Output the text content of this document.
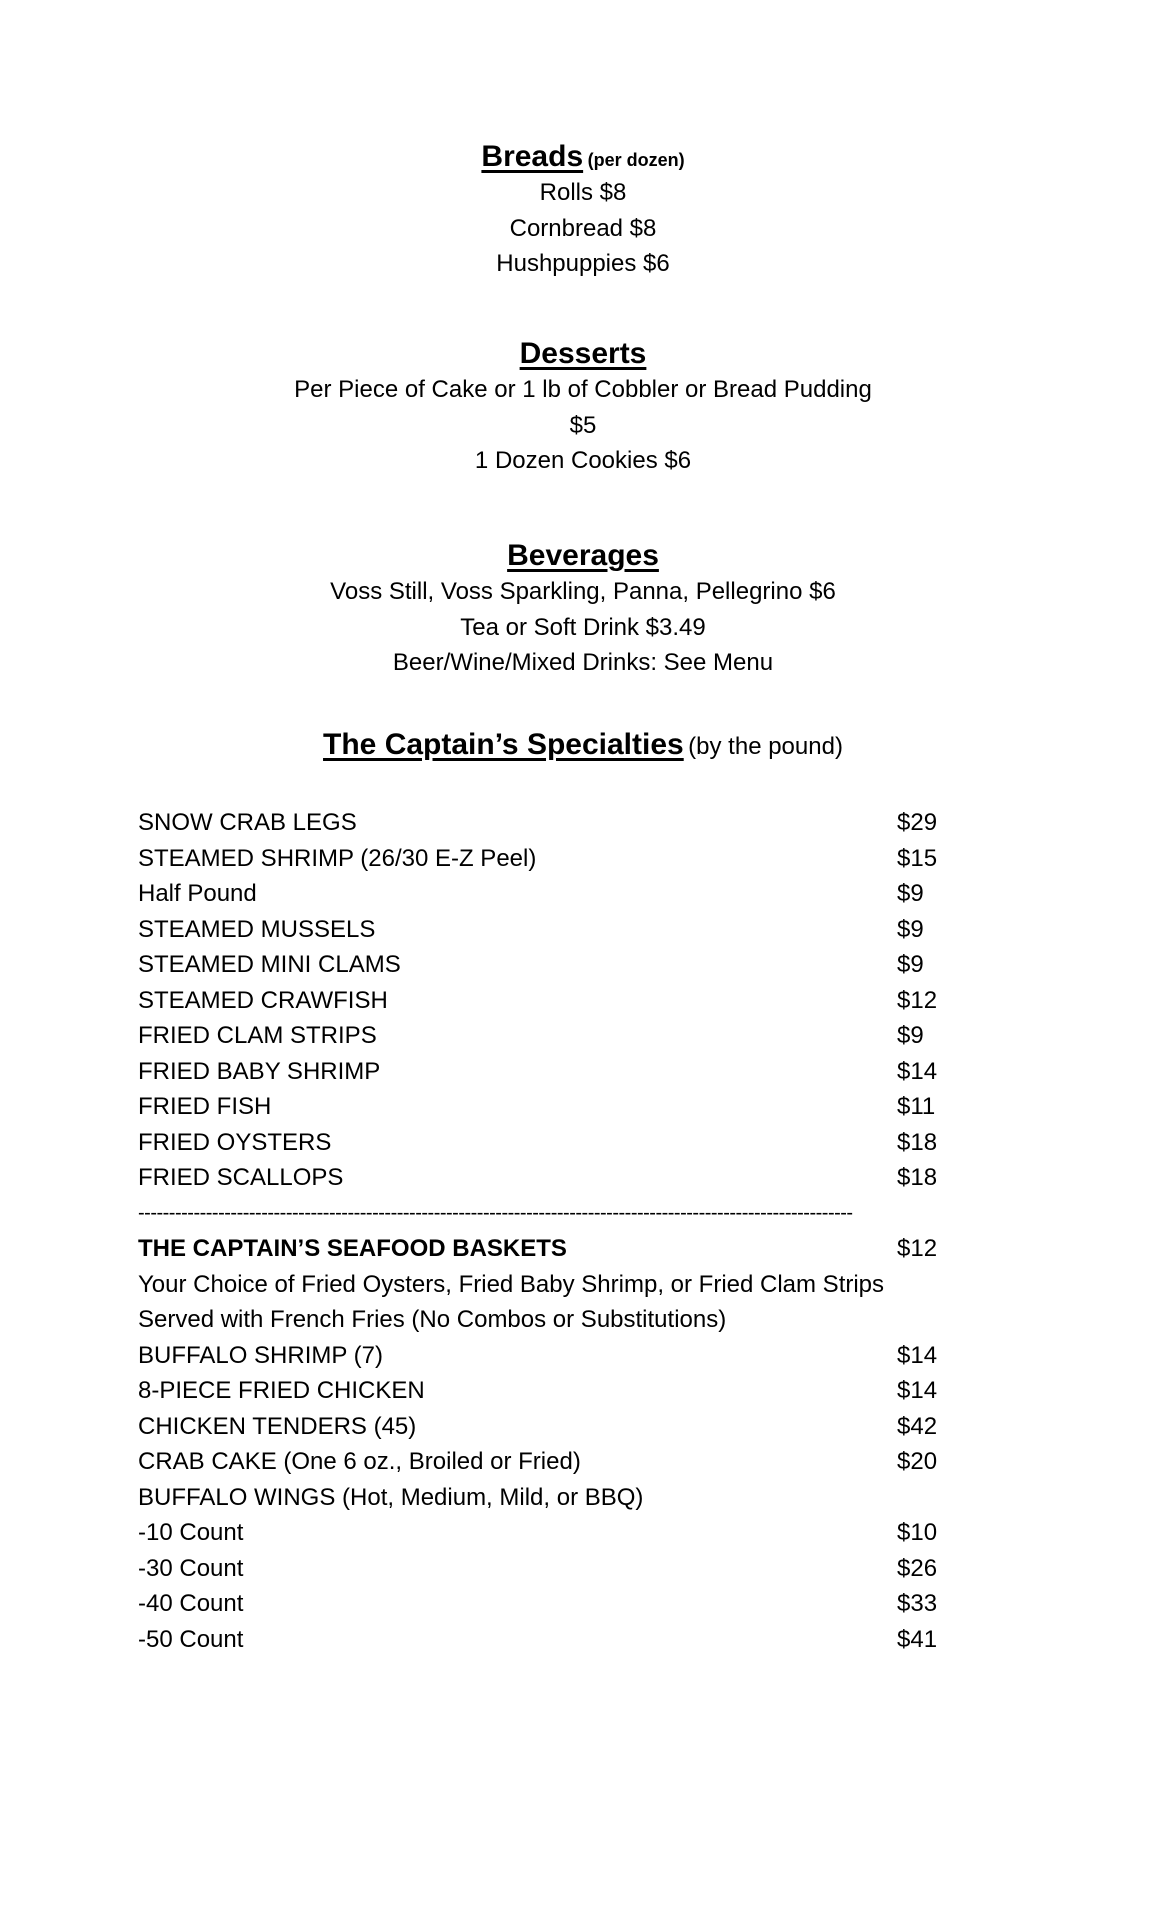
Breads (per dozen)
Rolls $8
Cornbread $8
Hushpuppies $6
Desserts
Per Piece of Cake or 1 lb of Cobbler or Bread Pudding
$5
1 Dozen Cookies $6
Beverages
Voss Still, Voss Sparkling, Panna, Pellegrino $6
Tea or Soft Drink $3.49
Beer/Wine/Mixed Drinks: See Menu
The Captain’s Specialties (by the pound)
SNOW CRAB LEGS	$29
STEAMED SHRIMP (26/30 E-Z Peel)	$15
Half Pound	$9
STEAMED MUSSELS	$9
STEAMED MINI CLAMS	$9
STEAMED CRAWFISH	$12
FRIED CLAM STRIPS	$9
FRIED BABY SHRIMP	$14
FRIED FISH	$11
FRIED OYSTERS	$18
FRIED SCALLOPS	$18
--------------------------------------------------------------------------------------------------------------------
THE CAPTAIN’S SEAFOOD BASKETS	$12
Your Choice of Fried Oysters, Fried Baby Shrimp, or Fried Clam Strips
Served with French Fries (No Combos or Substitutions)
BUFFALO SHRIMP (7)	$14
8-PIECE FRIED CHICKEN	$14
CHICKEN TENDERS (45)	$42
CRAB CAKE (One 6 oz., Broiled or Fried)	$20
BUFFALO WINGS (Hot, Medium, Mild, or BBQ)
-10 Count	$10
-30 Count	$26
-40 Count	$33
-50 Count	$41
